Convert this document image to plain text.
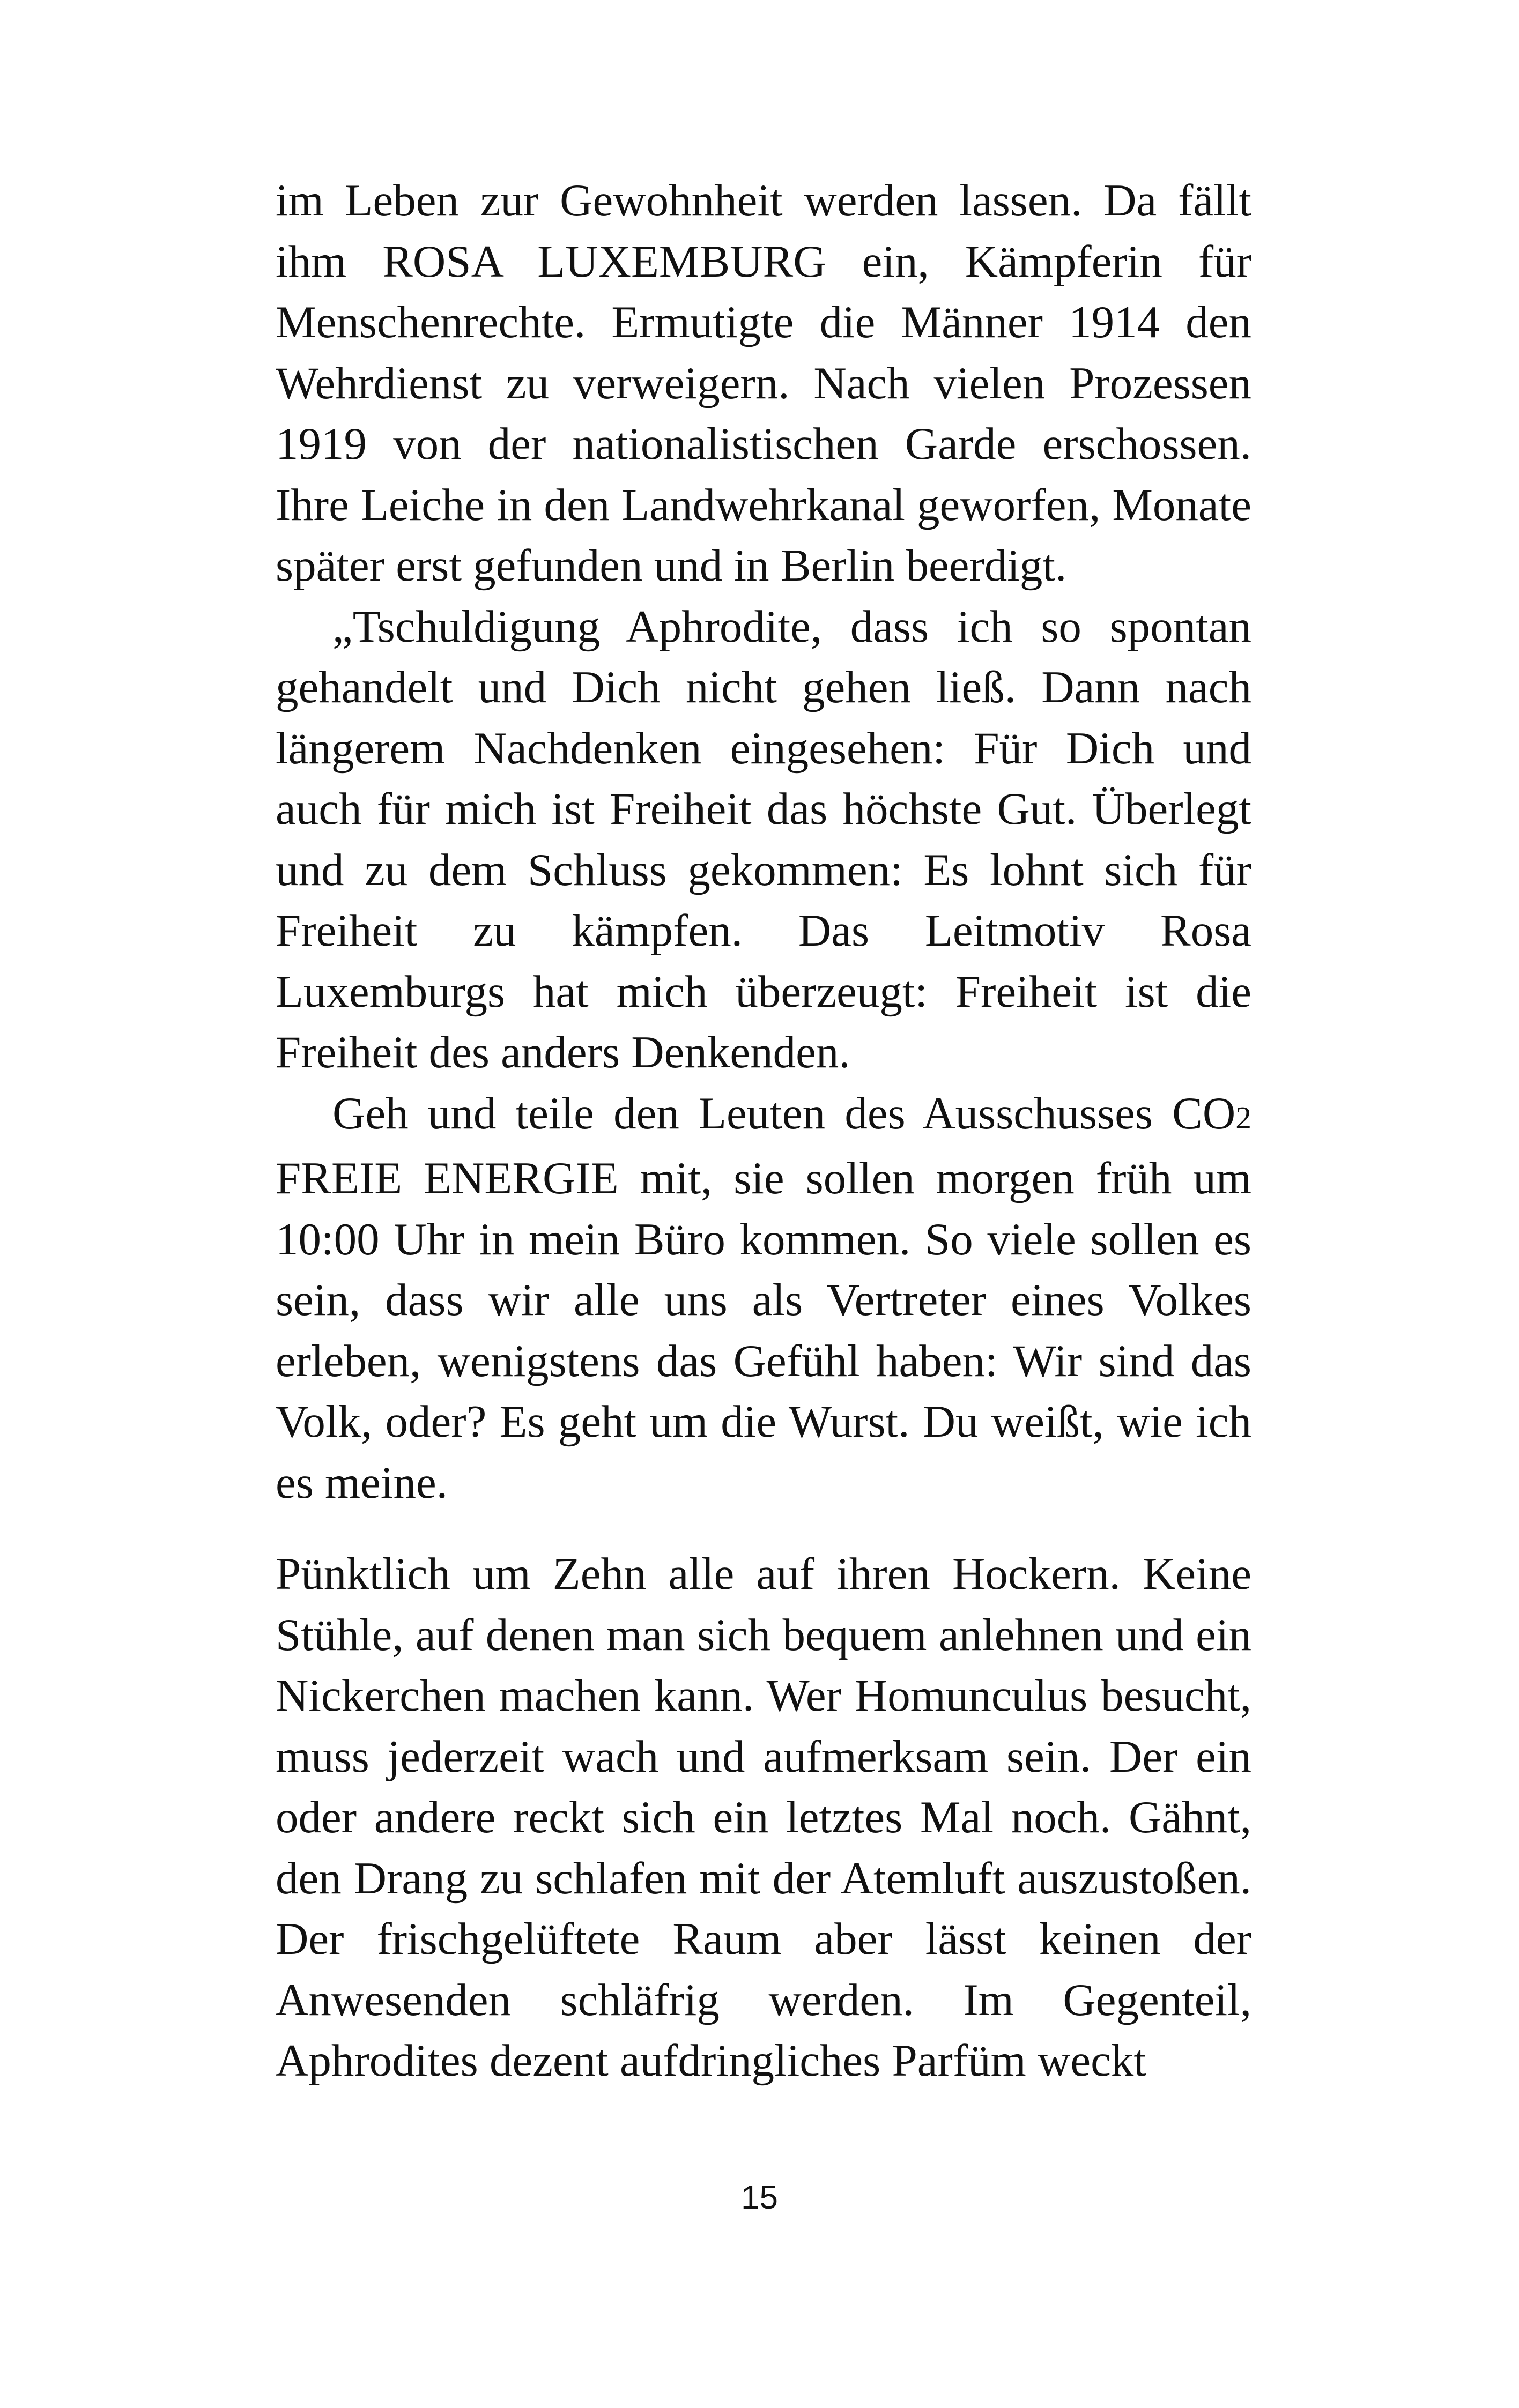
im Leben zur Gewohnheit werden lassen. Da fällt ihm ROSA LUXEMBURG ein, Kämpferin für Menschenrechte. Ermutigte die Männer 1914 den Wehrdienst zu verweigern. Nach vielen Prozessen 1919 von der nationalistischen Garde erschossen. Ihre Leiche in den Landwehrkanal geworfen, Monate später erst gefunden und in Berlin beerdigt.

„Tschuldigung Aphrodite, dass ich so spontan gehandelt und Dich nicht gehen ließ. Dann nach längerem Nachdenken eingesehen: Für Dich und auch für mich ist Freiheit das höchste Gut. Überlegt und zu dem Schluss gekommen: Es lohnt sich für Freiheit zu kämpfen. Das Leitmotiv Rosa Luxemburgs hat mich überzeugt: Freiheit ist die Freiheit des anders Denkenden.

Geh und teile den Leuten des Ausschusses CO2 FREIE ENERGIE mit, sie sollen morgen früh um 10:00 Uhr in mein Büro kommen. So viele sollen es sein, dass wir alle uns als Vertreter eines Volkes erleben, wenigstens das Gefühl haben: Wir sind das Volk, oder? Es geht um die Wurst. Du weißt, wie ich es meine.

Pünktlich um Zehn alle auf ihren Hockern. Keine Stühle, auf denen man sich bequem anlehnen und ein Nickerchen machen kann. Wer Homunculus besucht, muss jederzeit wach und aufmerksam sein. Der ein oder andere reckt sich ein letztes Mal noch. Gähnt, den Drang zu schlafen mit der Atemluft auszustoßen. Der frischgelüftete Raum aber lässt keinen der Anwesenden schläfrig werden. Im Gegenteil, Aphrodites dezent aufdringliches Parfüm weckt

15
